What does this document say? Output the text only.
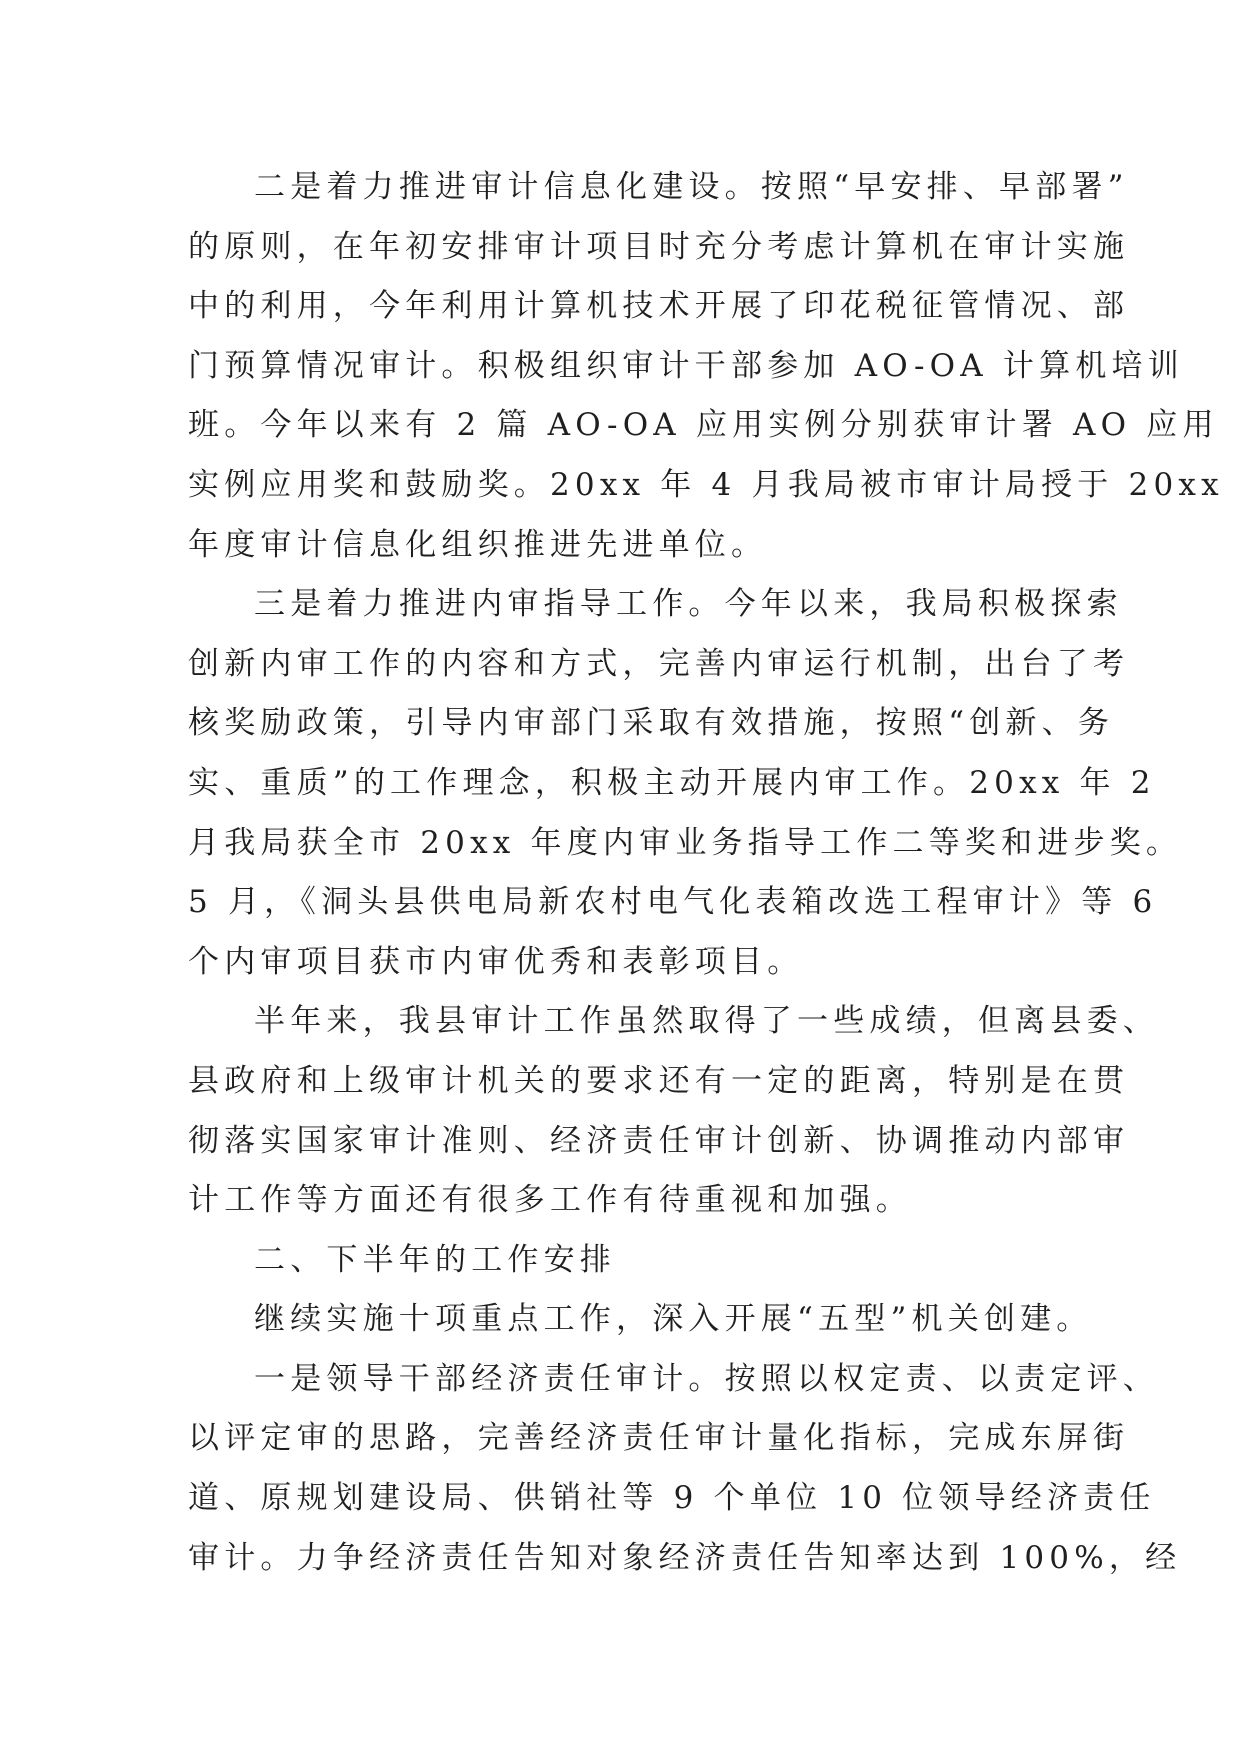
二是着力推进审计信息化建设。按照“早安排、早部署”
的原则，在年初安排审计项目时充分考虑计算机在审计实施
中的利用，今年利用计算机技术开展了印花税征管情况、部
门预算情况审计。积极组织审计干部参加 AO-OA 计算机培训
班。今年以来有 2 篇 AO-OA 应用实例分别获审计署 AO 应用
实例应用奖和鼓励奖。20xx 年 4 月我局被市审计局授于 20xx
年度审计信息化组织推进先进单位。

三是着力推进内审指导工作。今年以来，我局积极探索
创新内审工作的内容和方式，完善内审运行机制，出台了考
核奖励政策，引导内审部门采取有效措施，按照“创新、务
实、重质”的工作理念，积极主动开展内审工作。20xx 年 2
月我局获全市 20xx 年度内审业务指导工作二等奖和进步奖。
5 月，《洞头县供电局新农村电气化表箱改选工程审计》等 6
个内审项目获市内审优秀和表彰项目。

半年来，我县审计工作虽然取得了一些成绩，但离县委、
县政府和上级审计机关的要求还有一定的距离，特别是在贯
彻落实国家审计准则、经济责任审计创新、协调推动内部审
计工作等方面还有很多工作有待重视和加强。

二、下半年的工作安排

继续实施十项重点工作，深入开展“五型”机关创建。

一是领导干部经济责任审计。按照以权定责、以责定评、
以评定审的思路，完善经济责任审计量化指标，完成东屏街
道、原规划建设局、供销社等 9 个单位 10 位领导经济责任
审计。力争经济责任告知对象经济责任告知率达到 100%，经
